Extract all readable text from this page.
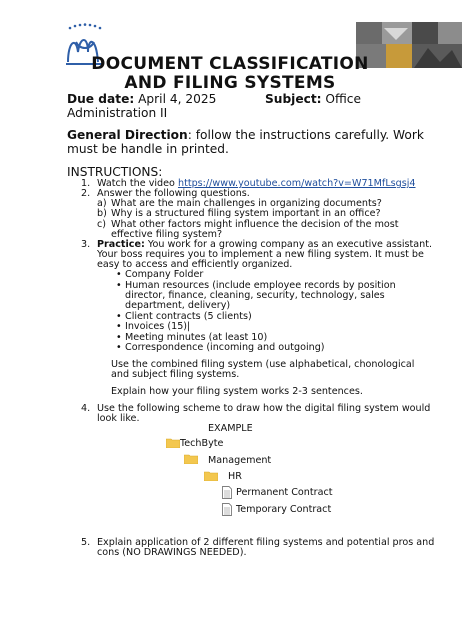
DOCUMENT CLASSIFICATION
AND FILING SYSTEMS
Due date: April 4, 2025	Subject: Office
Administration II
General Direction: follow the instructions carefully. Work
must be handle in printed.
INSTRUCTIONS:
1. Watch the video https://www.youtube.com/watch?v=W71MfLsgsj4
2. Answer the following questions.
a) What are the main challenges in organizing documents?
b) Why is a structured filing system important in an office?
c) What other factors might influence the decision of the most
effective filing system?
3. Practice: You work for a growing company as an executive assistant.
Your boss requires you to implement a new filing system. It must be
easy to access and efficiently organized.
• Company Folder
• Human resources (include employee records by position
director, finance, cleaning, security, technology, sales
department, delivery)
• Client contracts (5 clients)
• Invoices (15)|
• Meeting minutes (at least 10)
• Correspondence (incoming and outgoing)
Use the combined filing system (use alphabetical, chonological
and subject filing systems.
Explain how your filing system works 2-3 sentences.
4. Use the following scheme to draw how the digital filing system would
look like.
EXAMPLE
TechByte
Management
HR
Permanent Contract
Temporary Contract
5. Explain application of 2 different filing systems and potential pros and
cons (NO DRAWINGS NEEDED).
